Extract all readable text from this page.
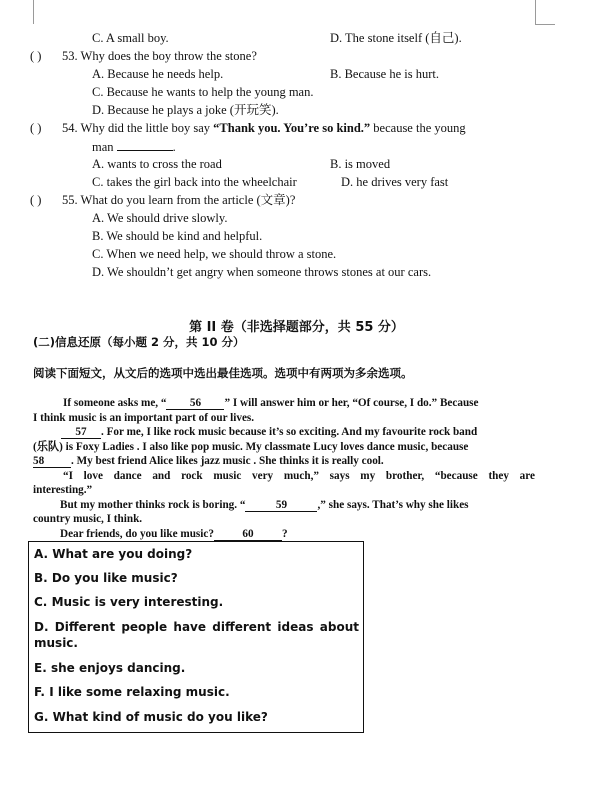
C. A small boy.	D. The stone itself (自己).
( ) 53. Why does the boy throw the stone?
A. Because he needs help.	B. Because he is hurt.
C. Because he wants to help the young man.
D. Because he plays a joke (开玩笑).
( ) 54. Why did the little boy say “Thank you. You’re so kind.” because the young
man	.
A. wants to cross the road	B. is moved
C. takes the girl back into the wheelchair	D. he drives very fast
( ) 55. What do you learn from the article (文章)?
A. We should drive slowly.
B. We should be kind and helpful.
C. When we need help, we should throw a stone.
D. We shouldn’t get angry when someone throws stones at our cars.
第 II 卷（非选择题部分，共 55 分）
(二)信息还原（每小题 2 分，共 10 分）
阅读下面短文，从文后的选项中选出最佳选项。选项中有两项为多余选项。
If someone asks me, “ 56 ” I will answer him or her, “Of course, I do.” Because
I think music is an important part of our lives.
57 . For me, I like rock music because it’s so exciting. And my favourite rock band
(乐队) is Foxy Ladies . I also like pop music. My classmate Lucy loves dance music, because
58 . My best friend Alice likes jazz music . She thinks it is really cool.
“I love dance and rock music very much,” says my brother, “because they are
interesting.”
But my mother thinks rock is boring. “	59	,” she says. That’s why she likes
country music, I think.
Dear friends, do you like music?	60	?
A. What are you doing?
B. Do you like music?
C. Music is very interesting.
D. Different people have different ideas about
music.
E. she enjoys dancing.
F. I like some relaxing music.
G. What kind of music do you like?
